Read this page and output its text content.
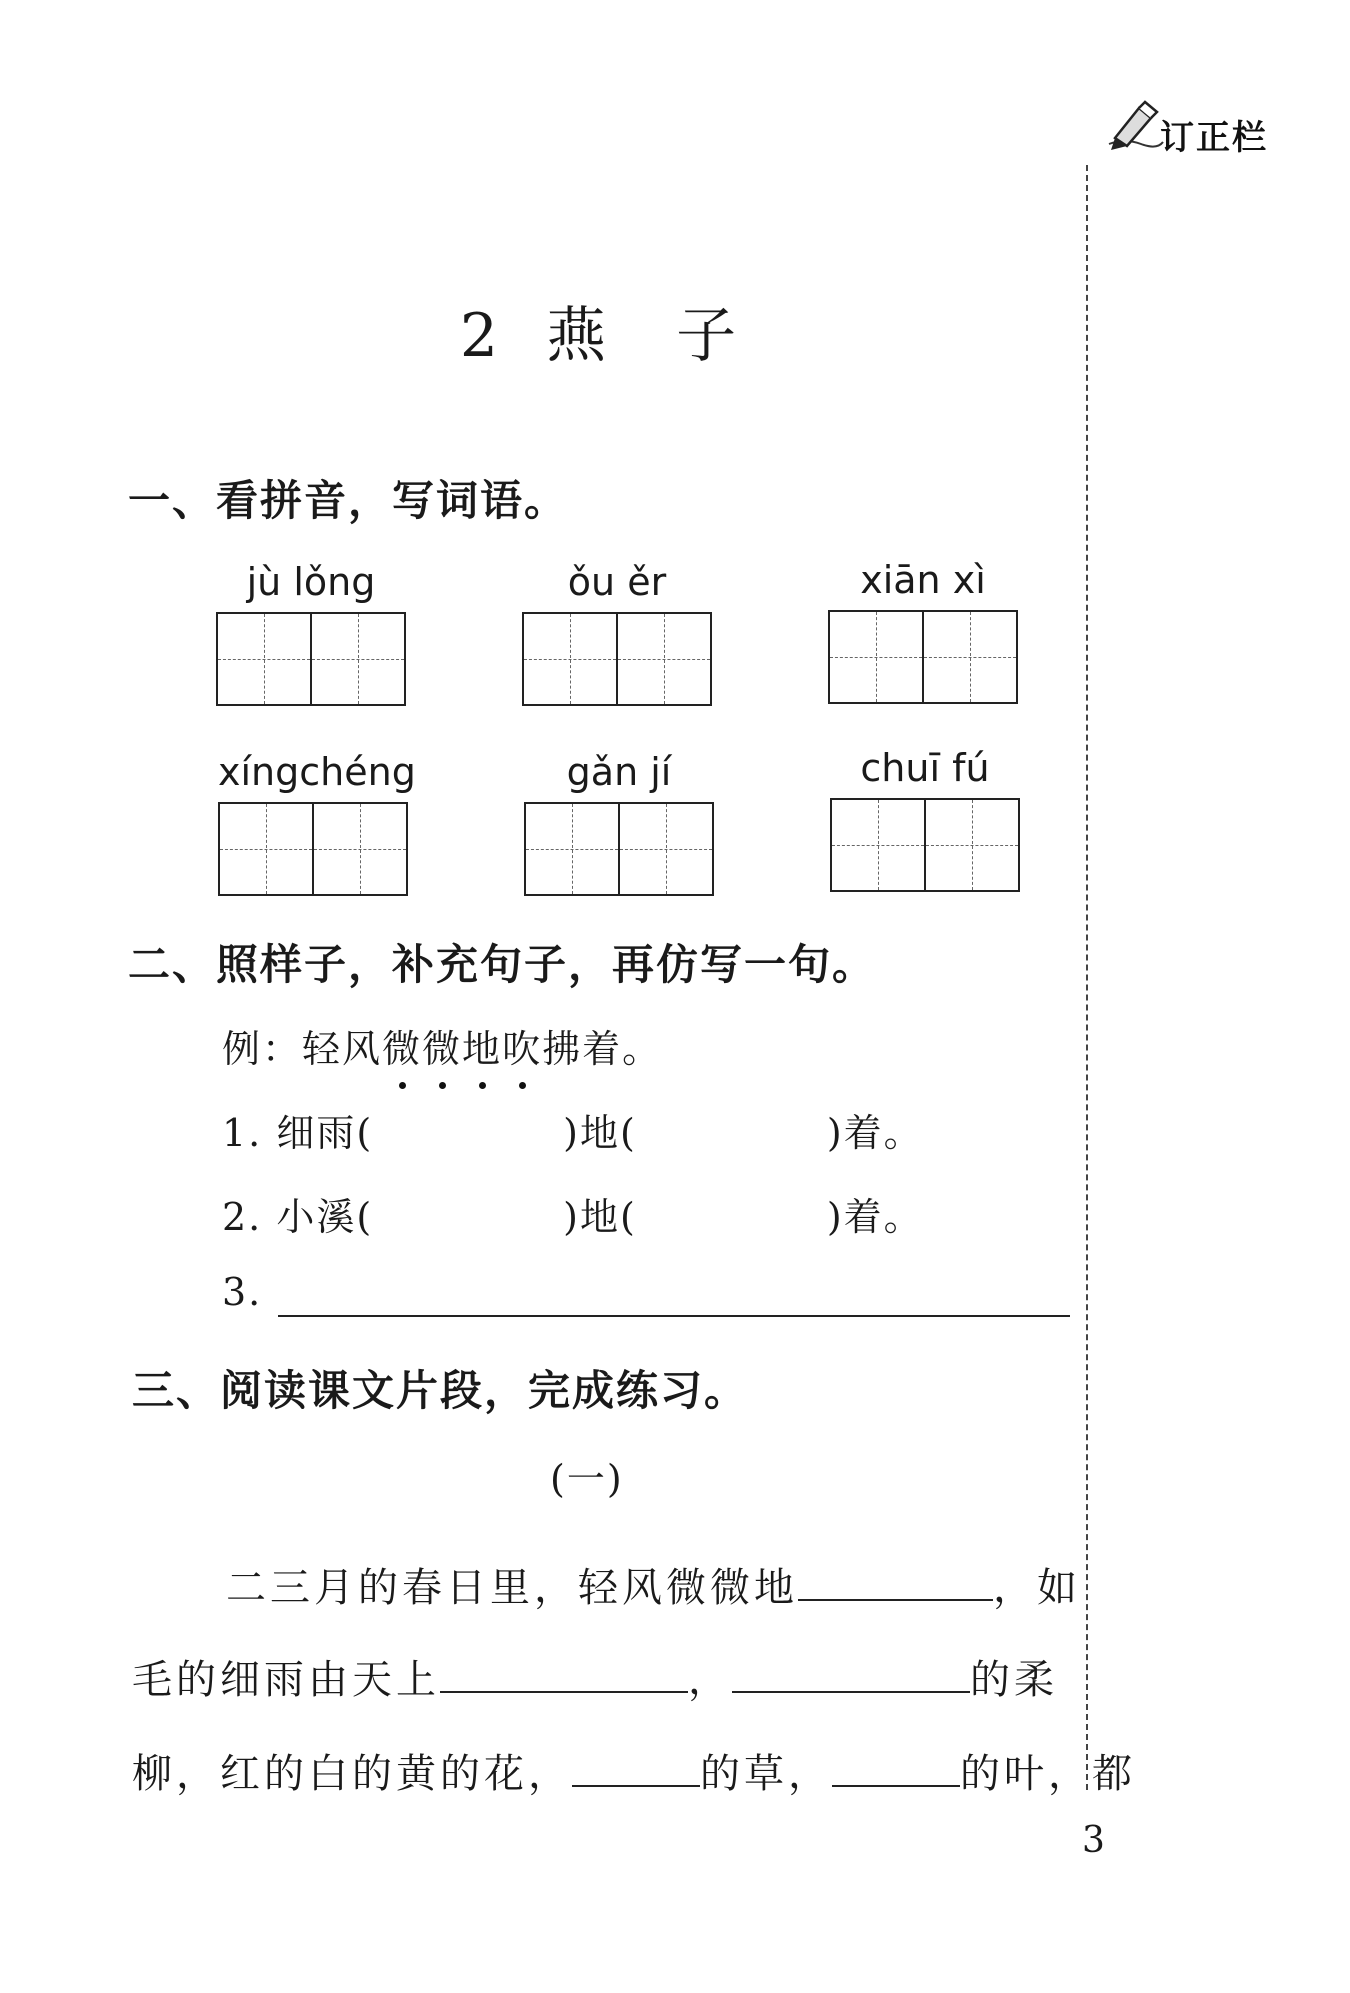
订正栏
2 燕 子
一、看拼音，写词语。
jù lǒng	ǒu ěr	xiān xì
xíngchéng	gǎn jí	chuī fú
二、照样子，补充句子，再仿写一句。
例：轻风微微地吹拂着。
1. 细雨(	)地(	)着。
2. 小溪(	)地(	)着。
3.
三、阅读课文片段，完成练习。
(一)
二三月的春日里，轻风微微地	，如
毛的细雨由天上	，	的柔
柳，红的白的黄的花，	的草，	的叶，都
3
